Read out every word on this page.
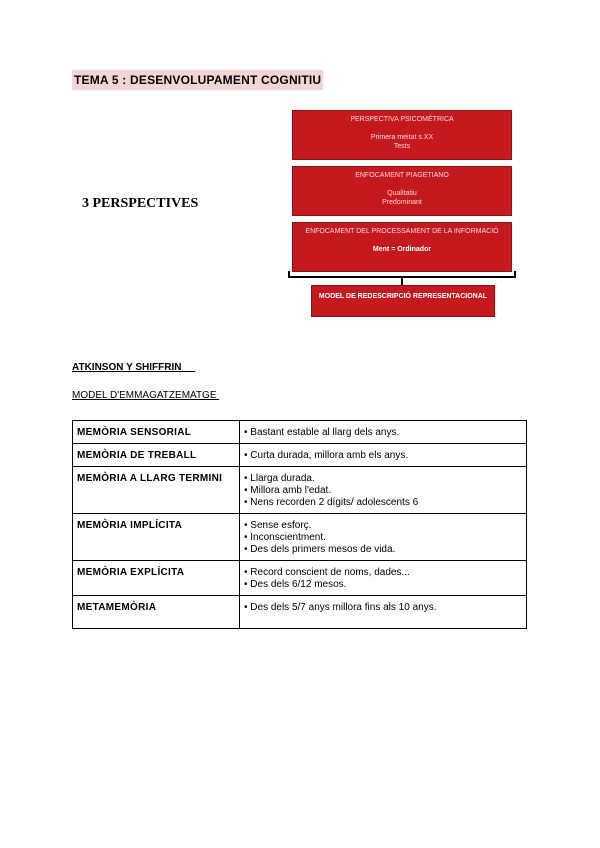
TEMA 5 : DESENVOLUPAMENT COGNITIU
3 PERSPECTIVES
PERSPECTIVA PSICOMÈTRICA
Primera meitat s.XX
Tests
ENFOCAMENT PIAGETIANO
Qualitatiu
Predominant
ENFOCAMENT DEL PROCESSAMENT DE LA INFORMACIÓ
Ment = Ordinador
MODEL DE REDESCRIPCIÓ REPRESENTACIONAL
ATKINSON Y SHIFFRIN
MODEL D'EMMAGATZEMATGE
MEMÒRIA SENSORIAL	• Bastant estable al llarg dels anys.

MEMÒRIA DE TREBALL	• Curta durada, millora amb els anys.

MEMÒRIA A LLARG TERMINI	• Llarga durada.
• Millora amb l'edat.
• Nens recorden 2 dígits/ adolescents 6

MEMÒRIA IMPLÍCITA	• Sense esforç.
• Inconscientment.
• Des dels primers mesos de vida.

MEMÒRIA EXPLÍCITA	• Record conscient de noms, dades...
• Des dels 6/12 mesos.

METAMEMÒRIA	• Des dels 5/7 anys millora fins als 10 anys.
